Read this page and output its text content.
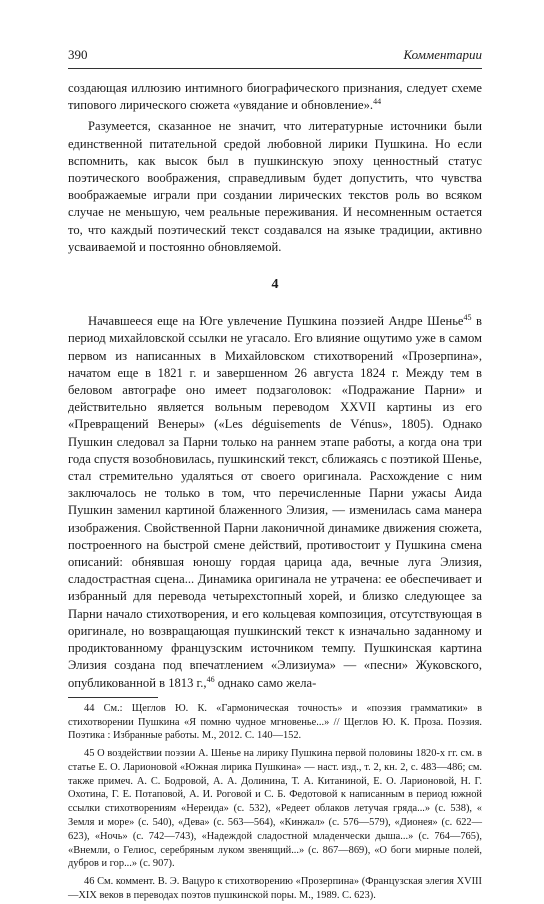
390	Комментарии

создающая иллюзию интимного биографического признания, следует схеме типового лирического сюжета «увядание и обновление».$^{44}$

Разумеется, сказанное не значит, что литературные источники были единственной питательной средой любовной лирики Пушкина. Но если вспомнить, как высок был в пушкинскую эпоху ценностный статус поэтического воображения, справедливым будет допустить, что чувства воображаемые играли при создании лирических текстов роль во всяком случае не меньшую, чем реальные переживания. И несомненным остается то, что каждый поэтический текст создавался на языке традиции, активно усваиваемой и постоянно обновляемой.

4

Начавшееся еще на Юге увлечение Пушкина поэзией Андре Шенье$^{45}$ в период михайловской ссылки не угасало. Его влияние ощутимо уже в самом первом из написанных в Михайловском стихотворений «Прозерпина», начатом еще в 1821 г. и завершенном 26 августа 1824 г. Между тем в беловом автографе оно имеет подзаголовок: «Подражание Парни» и действительно является вольным переводом XXVII картины из его «Превращений Венеры» («Les déguisements de Vénus», 1805). Однако Пушкин следовал за Парни только на раннем этапе работы, а когда она три года спустя возобновилась, пушкинский текст, сближаясь с поэтикой Шенье, стал стремительно удаляться от своего оригинала. Расхождение с ним заключалось не только в том, что перечисленные Парни ужасы Аида Пушкин заменил картиной блаженного Элизия, — изменилась сама манера изображения. Свойственной Парни лаконичной динамике движения сюжета, построенного на быстрой смене действий, противостоит у Пушкина смена описаний: обнявшая юношу гордая царица ада, вечные луга Элизия, сладострастная сцена... Динамика оригинала не утрачена: ее обеспечивает и избранный для перевода четырехстопный хорей, и близко следующее за Парни начало стихотворения, и его кольцевая композиция, отсутствующая в оригинале, но возвращающая пушкинский текст к изначально заданному и продиктованному французским источником темпу. Пушкинская картина Элизия создана под впечатлением «Элизиума» — «песни» Жуковского, опубликованной в 1813 г.,$^{46}$ однако само жела-

44 См.: Щеглов Ю. К. «Гармоническая точность» и «поэзия грамматики» в стихотворении Пушкина «Я помню чудное мгновенье...» // Щеглов Ю. К. Проза. Поэзия. Поэтика : Избранные работы. М., 2012. С. 140—152.

45 О воздействии поэзии А. Шенье на лирику Пушкина первой половины 1820-х гг. см. в статье Е. О. Ларионовой «Южная лирика Пушкина» — наст. изд., т. 2, кн. 2, с. 483—486; см. также примеч. А. С. Бодровой, А. А. Долинина, Т. А. Китаниной, Е. О. Ларионовой, Н. Г. Охотина, Г. Е. Потаповой, А. И. Роговой и С. Б. Федотовой к написанным в период южной ссылки стихотворениям «Нереида» (с. 532), «Редеет облаков летучая гряда...» (с. 538), « Земля и море» (с. 540), «Дева» (с. 563—564), «Кинжал» (с. 576—579), «Дионея» (с. 622—623), «Ночь» (с. 742—743), «Надеждой сладостной младенчески дыша...» (с. 764—765), «Внемли, о Гелиос, серебряным луком звенящий...» (с. 867—869), «О боги мирные полей, дубров и гор...» (с. 907).

46 См. коммент. В. Э. Вацуро к стихотворению «Прозерпина» (Французская элегия XVIII—XIX веков в переводах поэтов пушкинской поры. М., 1989. С. 623).
